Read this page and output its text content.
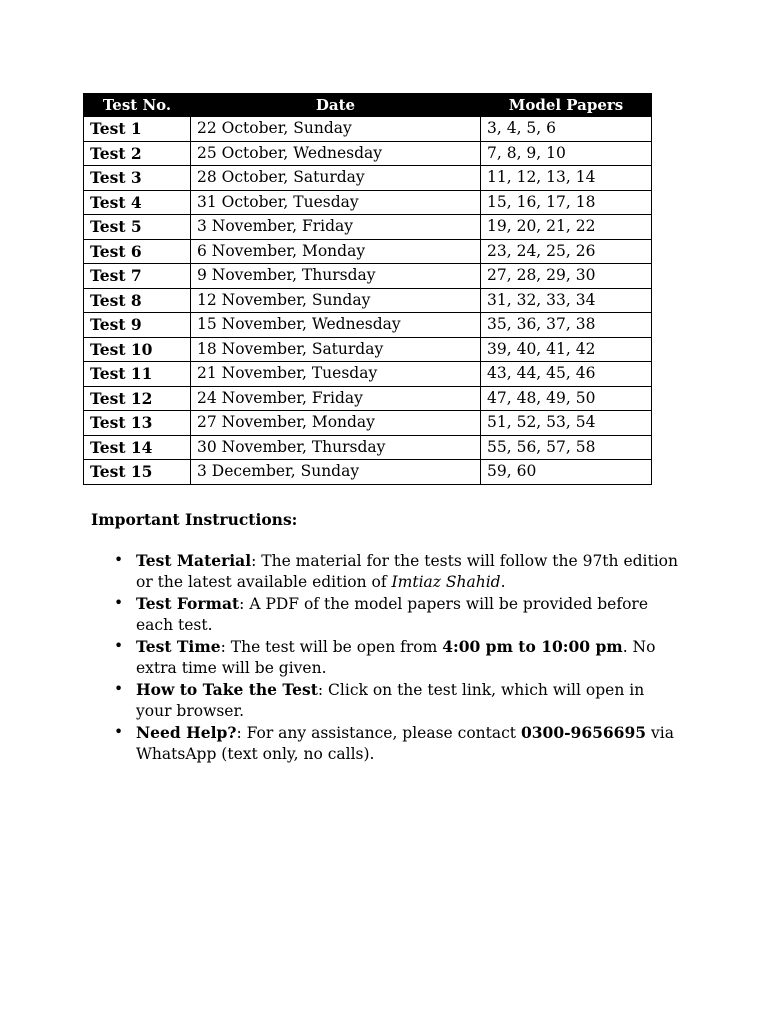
Test No.	Date	Model Papers
Test 1	22 October, Sunday	3, 4, 5, 6
Test 2	25 October, Wednesday	7, 8, 9, 10
Test 3	28 October, Saturday	11, 12, 13, 14
Test 4	31 October, Tuesday	15, 16, 17, 18
Test 5	3 November, Friday	19, 20, 21, 22
Test 6	6 November, Monday	23, 24, 25, 26
Test 7	9 November, Thursday	27, 28, 29, 30
Test 8	12 November, Sunday	31, 32, 33, 34
Test 9	15 November, Wednesday	35, 36, 37, 38
Test 10	18 November, Saturday	39, 40, 41, 42
Test 11	21 November, Tuesday	43, 44, 45, 46
Test 12	24 November, Friday	47, 48, 49, 50
Test 13	27 November, Monday	51, 52, 53, 54
Test 14	30 November, Thursday	55, 56, 57, 58
Test 15	3 December, Sunday	59, 60

Important Instructions:

• Test Material: The material for the tests will follow the 97th edition or the latest available edition of Imtiaz Shahid.
• Test Format: A PDF of the model papers will be provided before each test.
• Test Time: The test will be open from 4:00 pm to 10:00 pm. No extra time will be given.
• How to Take the Test: Click on the test link, which will open in your browser.
• Need Help?: For any assistance, please contact 0300-9656695 via WhatsApp (text only, no calls).
